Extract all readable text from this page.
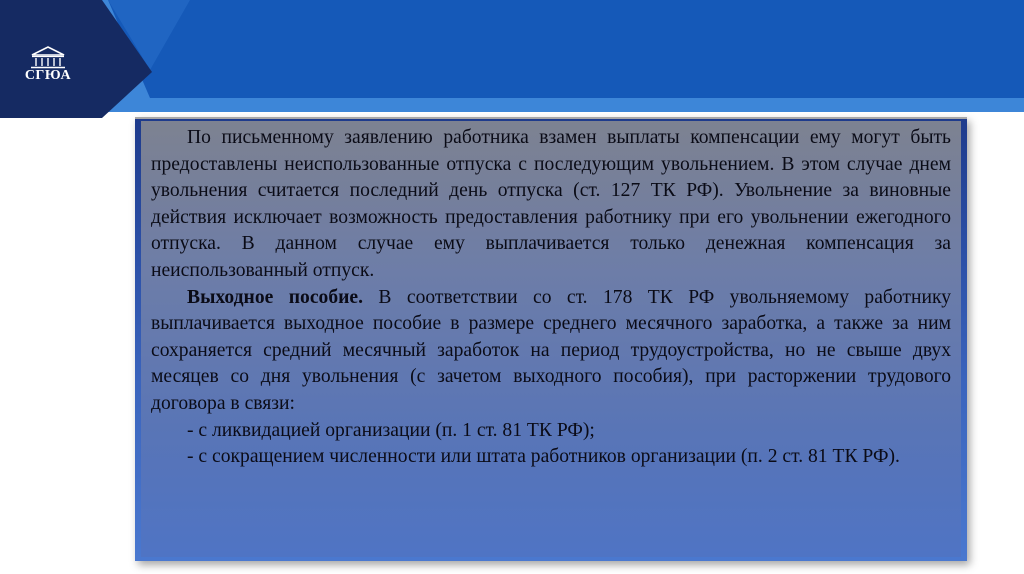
СГЮА

По письменному заявлению работника взамен выплаты компенсации ему могут быть предоставлены неиспользованные отпуска с последующим увольнением. В этом случае днем увольнения считается последний день отпуска (ст. 127 ТК РФ). Увольнение за виновные действия исключает возможность предоставления работнику при его увольнении ежегодного отпуска. В данном случае ему выплачивается только денежная компенсация за неиспользованный отпуск.

Выходное пособие. В соответствии со ст. 178 ТК РФ увольняемому работнику выплачивается выходное пособие в размере среднего месячного заработка, а также за ним сохраняется средний месячный заработок на период трудоустройства, но не свыше двух месяцев со дня увольнения (с зачетом выходного пособия), при расторжении трудового договора в связи:

- с ликвидацией организации (п. 1 ст. 81 ТК РФ);

- с сокращением численности или штата работников организации (п. 2 ст. 81 ТК РФ).
